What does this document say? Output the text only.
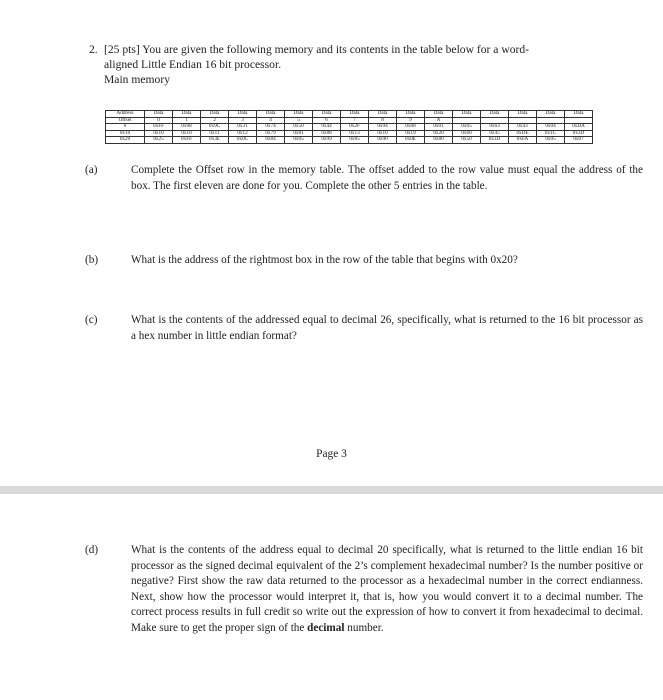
2. [25 pts] You are given the following memory and its contents in the table below for a word-
aligned Little Endian 16 bit processor.
Main memory
Address	Data	Data	Data	Data	Data	Data	Data	Data	Data	Data	Data	Data	Data	Data	Data	Data
Offset	0	1	2	3	4	5	6	7	8	9	A					
0	0xFF	0x08	0x9C	0x31	0x74	0x50	0x44	0x2F	0x94	0x08	0x01	0x05	0x63	0x43	0x04	0xDA
0x10	0x10	0x10	0x11	0x12	0x79	0x81	0x88	0x13	0x10	0x19	0x20	0x60	0x45	0xDE	0x1C	0x3D
0x20	0x25	0xFF	0x3E	0x0C	0x84	0x05	0x99	0x85	0x90	0x0E	0x80	0x50	0x3D	0xFA	0x05	0x07
(a)	Complete the Offset row in the memory table. The offset added to the row value must equal the address of the box. The first eleven are done for you. Complete the other 5 entries in the table.
(b)	What is the address of the rightmost box in the row of the table that begins with 0x20?
(c)	What is the contents of the addressed equal to decimal 26, specifically, what is returned to the 16 bit processor as a hex number in little endian format?
Page 3
(d)	What is the contents of the address equal to decimal 20 specifically, what is returned to the little endian 16 bit processor as the signed decimal equivalent of the 2’s complement hexadecimal number? Is the number positive or negative? First show the raw data returned to the processor as a hexadecimal number in the correct endianness. Next, show how the processor would interpret it, that is, how you would convert it to a decimal number. The correct process results in full credit so write out the expression of how to convert it from hexadecimal to decimal. Make sure to get the proper sign of the decimal number.
